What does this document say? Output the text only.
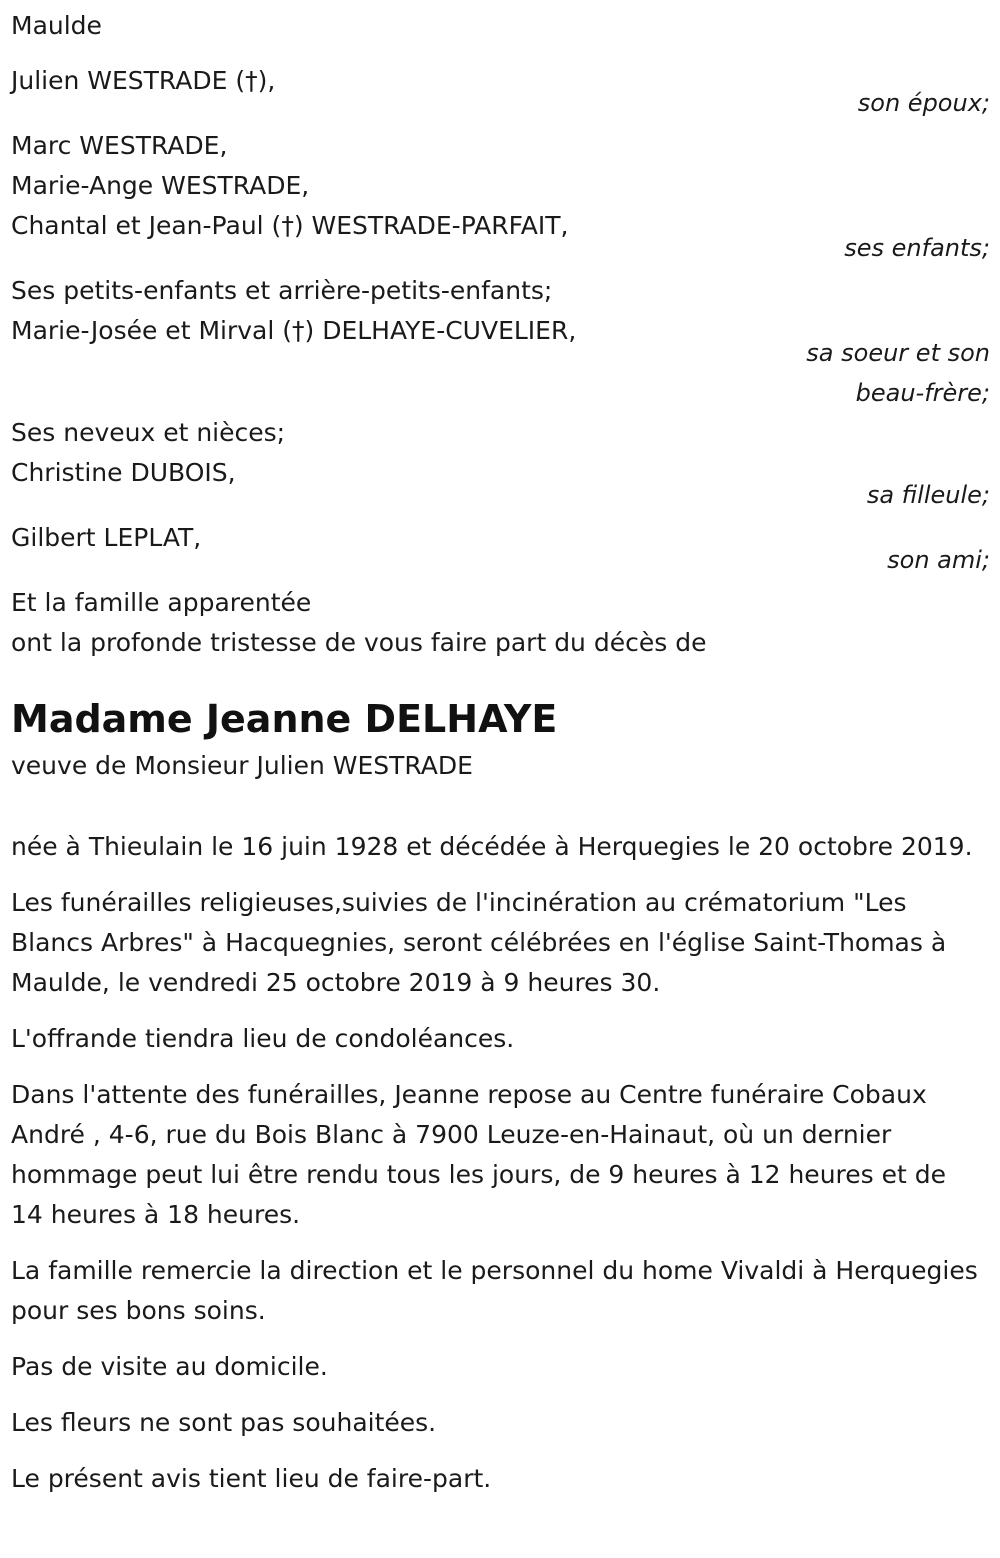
Maulde
Julien WESTRADE (†),
son époux;
Marc WESTRADE,
Marie-Ange WESTRADE,
Chantal et Jean-Paul (†) WESTRADE-PARFAIT,
ses enfants;
Ses petits-enfants et arrière-petits-enfants;
Marie-Josée et Mirval (†) DELHAYE-CUVELIER,
sa soeur et son
beau-frère;
Ses neveux et nièces;
Christine DUBOIS,
sa filleule;
Gilbert LEPLAT,
son ami;
Et la famille apparentée
ont la profonde tristesse de vous faire part du décès de
Madame Jeanne DELHAYE
veuve de Monsieur Julien WESTRADE

née à Thieulain le 16 juin 1928 et décédée à Herquegies le 20 octobre 2019.

Les funérailles religieuses,suivies de l'incinération au crématorium "Les Blancs Arbres" à Hacquegnies, seront célébrées en l'église Saint-Thomas à Maulde, le vendredi 25 octobre 2019 à 9 heures 30.

L'offrande tiendra lieu de condoléances.

Dans l'attente des funérailles, Jeanne repose au Centre funéraire Cobaux André , 4-6, rue du Bois Blanc à 7900 Leuze-en-Hainaut, où un dernier hommage peut lui être rendu tous les jours, de 9 heures à 12 heures et de 14 heures à 18 heures.

La famille remercie la direction et le personnel du home Vivaldi à Herquegies pour ses bons soins.

Pas de visite au domicile.

Les fleurs ne sont pas souhaitées.

Le présent avis tient lieu de faire-part.
